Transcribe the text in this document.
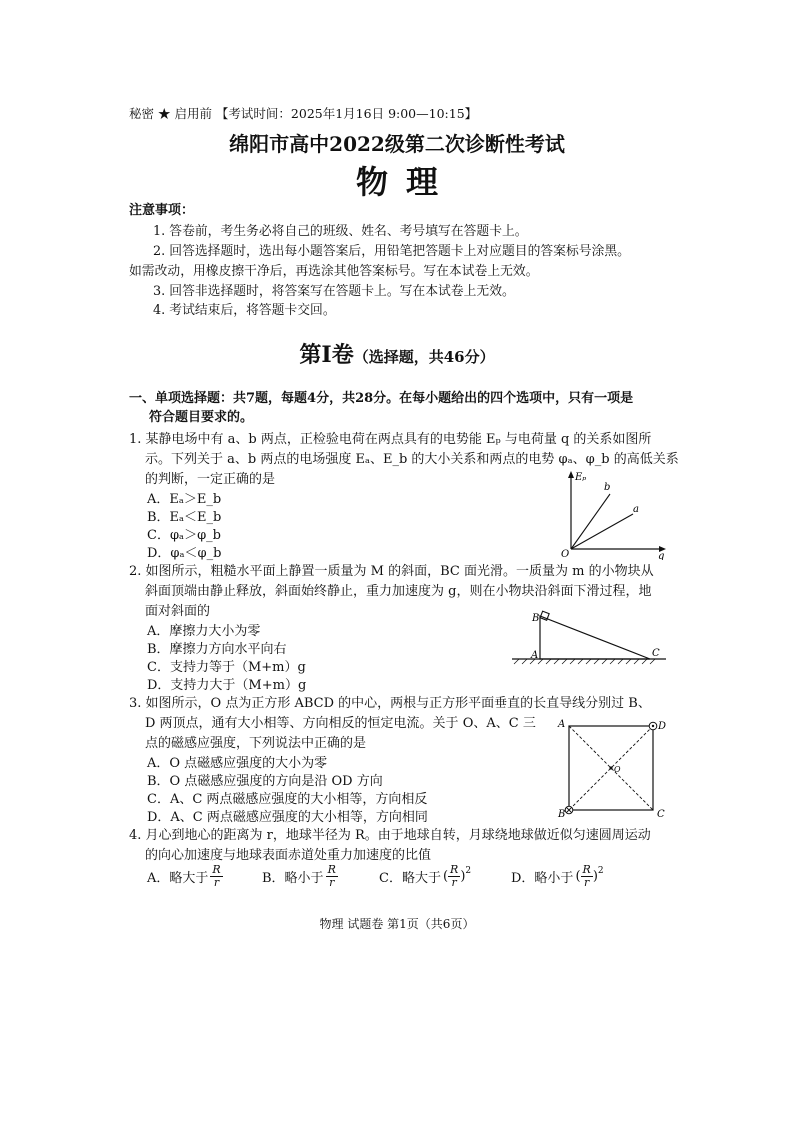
秘密 ★ 启用前 【考试时间：2025年1月16日 9:00—10:15】
绵阳市高中2022级第二次诊断性考试
物理
注意事项：
1. 答卷前，考生务必将自己的班级、姓名、考号填写在答题卡上。
2. 回答选择题时，选出每小题答案后，用铅笔把答题卡上对应题目的答案标号涂黑。
如需改动，用橡皮擦干净后，再选涂其他答案标号。写在本试卷上无效。
3. 回答非选择题时，将答案写在答题卡上。写在本试卷上无效。
4. 考试结束后，将答题卡交回。
第Ⅰ卷（选择题，共46分）
一、单项选择题：共7题，每题4分，共28分。在每小题给出的四个选项中，只有一项是
符合题目要求的。
1. 某静电场中有 a、b 两点，正检验电荷在两点具有的电势能 Eₚ 与电荷量 q 的关系如图所
示。下列关于 a、b 两点的电场强度 Eₐ、E_b 的大小关系和两点的电势 φₐ、φ_b 的高低关系
的判断，一定正确的是
A．Eₐ＞E_b
B．Eₐ＜E_b
C．φₐ＞φ_b
D．φₐ＜φ_b
Eₚ
q
O
b
a
2. 如图所示，粗糙水平面上静置一质量为 M 的斜面，BC 面光滑。一质量为 m 的小物块从
斜面顶端由静止释放，斜面始终静止，重力加速度为 g，则在小物块沿斜面下滑过程，地
面对斜面的
A．摩擦力大小为零
B．摩擦力方向水平向右
C．支持力等于（M+m）g
D．支持力大于（M+m）g
B
A	C
3. 如图所示，O 点为正方形 ABCD 的中心，两根与正方形平面垂直的长直导线分别过 B、
D 两顶点，通有大小相等、方向相反的恒定电流。关于 O、A、C 三
点的磁感应强度，下列说法中正确的是
A．O 点磁感应强度的大小为零
B．O 点磁感应强度的方向是沿 OD 方向
C．A、C 两点磁感应强度的大小相等，方向相反
D．A、C 两点磁感应强度的大小相等，方向相同
A	D
B	C
O
4. 月心到地心的距离为 r，地球半径为 R。由于地球自转，月球绕地球做近似匀速圆周运动
的向心加速度与地球表面赤道处重力加速度的比值
A．略大于 $\frac{R}{r}$	B．略小于 $\frac{R}{r}$	C．略大于 ( $\frac{R}{r} )^2$	D．略小于 ( $\frac{R}{r} )^2$
物理 试题卷 第1页（共6页）
